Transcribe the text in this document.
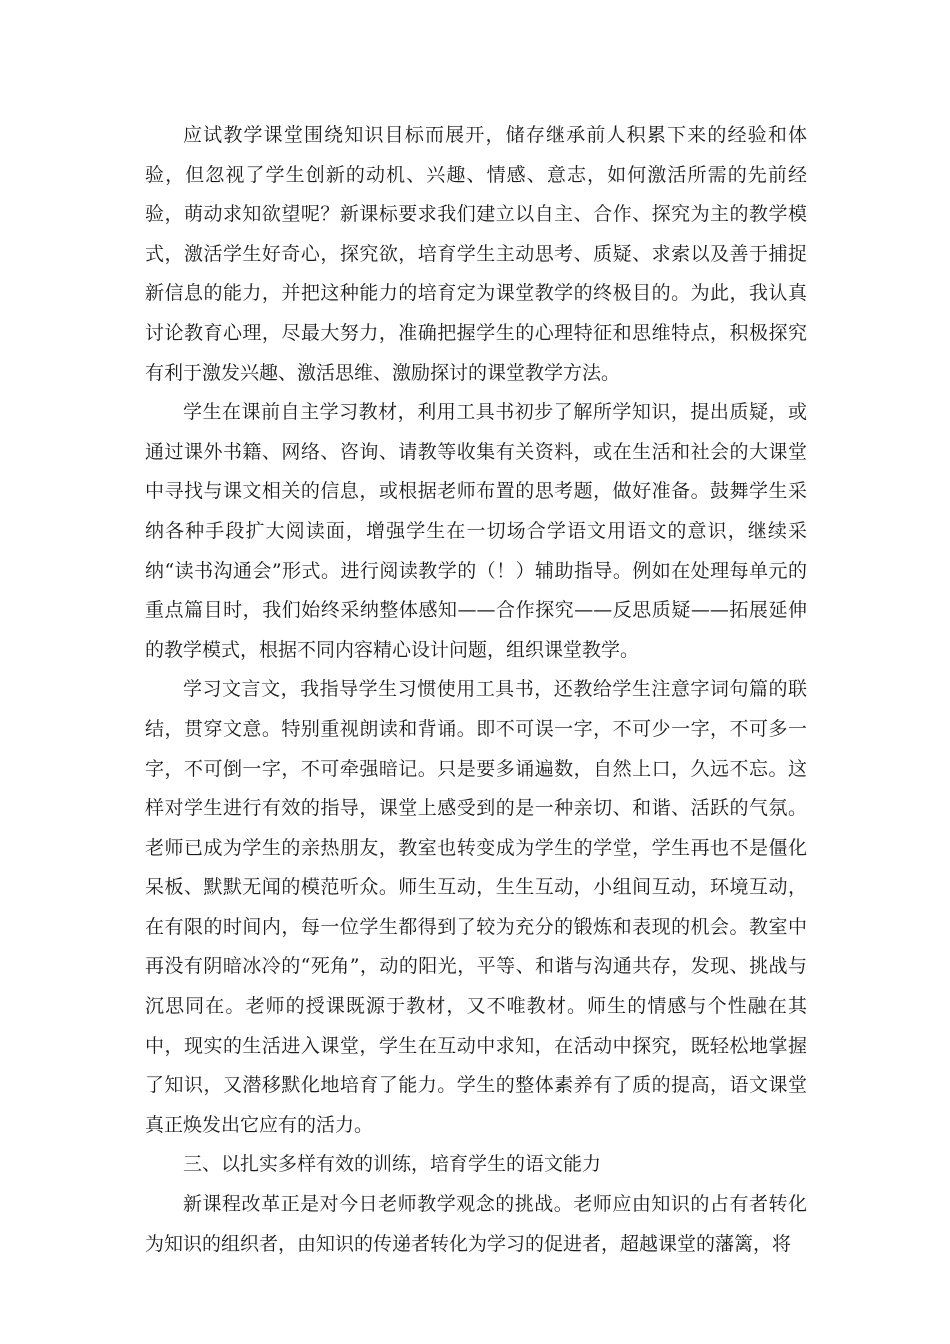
应试教学课堂围绕知识目标而展开，储存继承前人积累下来的经验和体验，但忽视了学生创新的动机、兴趣、情感、意志，如何激活所需的先前经验，萌动求知欲望呢？新课标要求我们建立以自主、合作、探究为主的教学模式，激活学生好奇心，探究欲，培育学生主动思考、质疑、求索以及善于捕捉新信息的能力，并把这种能力的培育定为课堂教学的终极目的。为此，我认真讨论教育心理，尽最大努力，准确把握学生的心理特征和思维特点，积极探究有利于激发兴趣、激活思维、激励探讨的课堂教学方法。

学生在课前自主学习教材，利用工具书初步了解所学知识，提出质疑，或通过课外书籍、网络、咨询、请教等收集有关资料，或在生活和社会的大课堂中寻找与课文相关的信息，或根据老师布置的思考题，做好准备。鼓舞学生采纳各种手段扩大阅读面，增强学生在一切场合学语文用语文的意识，继续采纳“读书沟通会”形式。进行阅读教学的（！）辅助指导。例如在处理每单元的重点篇目时，我们始终采纳整体感知——合作探究——反思质疑——拓展延伸的教学模式，根据不同内容精心设计问题，组织课堂教学。

学习文言文，我指导学生习惯使用工具书，还教给学生注意字词句篇的联结，贯穿文意。特别重视朗读和背诵。即不可误一字，不可少一字，不可多一字，不可倒一字，不可牵强暗记。只是要多诵遍数，自然上口，久远不忘。这样对学生进行有效的指导，课堂上感受到的是一种亲切、和谐、活跃的气氛。老师已成为学生的亲热朋友，教室也转变成为学生的学堂，学生再也不是僵化呆板、默默无闻的模范听众。师生互动，生生互动，小组间互动，环境互动，在有限的时间内，每一位学生都得到了较为充分的锻炼和表现的机会。教室中再没有阴暗冰冷的“死角”，动的阳光，平等、和谐与沟通共存，发现、挑战与沉思同在。老师的授课既源于教材，又不唯教材。师生的情感与个性融在其中，现实的生活进入课堂，学生在互动中求知，在活动中探究，既轻松地掌握了知识，又潜移默化地培育了能力。学生的整体素养有了质的提高，语文课堂真正焕发出它应有的活力。

三、以扎实多样有效的训练，培育学生的语文能力

新课程改革正是对今日老师教学观念的挑战。老师应由知识的占有者转化为知识的组织者，由知识的传递者转化为学习的促进者，超越课堂的藩篱，将
